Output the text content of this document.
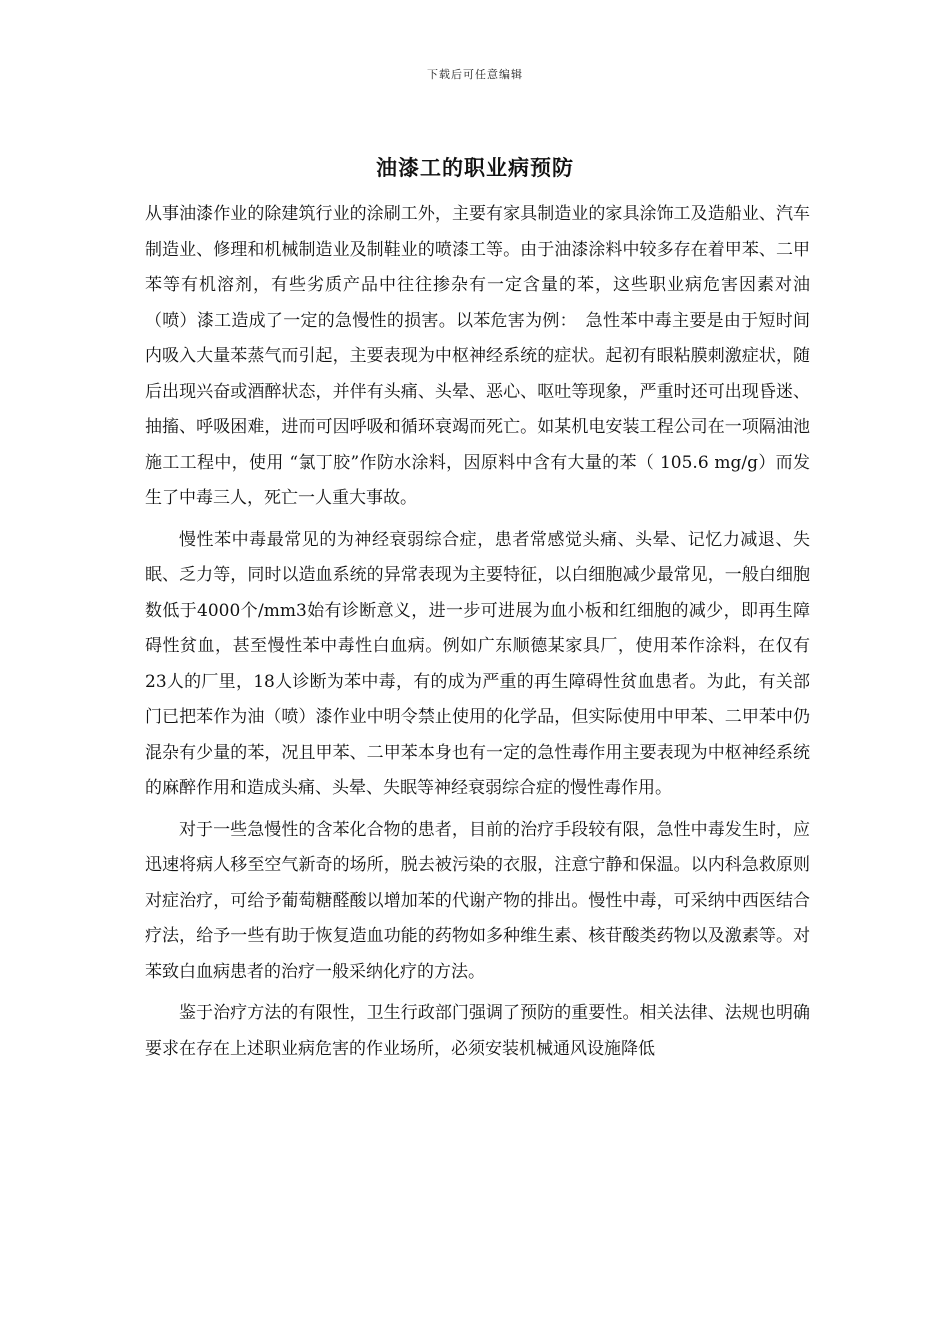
下载后可任意编辑
油漆工的职业病预防

从事油漆作业的除建筑行业的涂刷工外，主要有家具制造业的家具涂饰工及造船业、汽车制造业、修理和机械制造业及制鞋业的喷漆工等。由于油漆涂料中较多存在着甲苯、二甲苯等有机溶剂，有些劣质产品中往往掺杂有一定含量的苯，这些职业病危害因素对油（喷）漆工造成了一定的急慢性的损害。以苯危害为例：　急性苯中毒主要是由于短时间内吸入大量苯蒸气而引起，主要表现为中枢神经系统的症状。起初有眼粘膜刺激症状，随后出现兴奋或酒醉状态，并伴有头痛、头晕、恶心、呕吐等现象，严重时还可出现昏迷、抽搐、呼吸困难，进而可因呼吸和循环衰竭而死亡。如某机电安装工程公司在一项隔油池施工工程中，使用 “氯丁胶”作防水涂料，因原料中含有大量的苯（ 105.6 mg/g）而发生了中毒三人，死亡一人重大事故。

慢性苯中毒最常见的为神经衰弱综合症，患者常感觉头痛、头晕、记忆力减退、失眠、乏力等，同时以造血系统的异常表现为主要特征，以白细胞减少最常见，一般白细胞数低于4000个/mm3始有诊断意义，进一步可进展为血小板和红细胞的减少，即再生障碍性贫血，甚至慢性苯中毒性白血病。例如广东顺德某家具厂，使用苯作涂料，在仅有23人的厂里，18人诊断为苯中毒，有的成为严重的再生障碍性贫血患者。为此，有关部门已把苯作为油（喷）漆作业中明令禁止使用的化学品，但实际使用中甲苯、二甲苯中仍混杂有少量的苯，况且甲苯、二甲苯本身也有一定的急性毒作用主要表现为中枢神经系统的麻醉作用和造成头痛、头晕、失眠等神经衰弱综合症的慢性毒作用。

对于一些急慢性的含苯化合物的患者，目前的治疗手段较有限，急性中毒发生时，应迅速将病人移至空气新奇的场所，脱去被污染的衣服，注意宁静和保温。以内科急救原则对症治疗，可给予葡萄糖醛酸以增加苯的代谢产物的排出。慢性中毒，可采纳中西医结合疗法，给予一些有助于恢复造血功能的药物如多种维生素、核苷酸类药物以及激素等。对苯致白血病患者的治疗一般采纳化疗的方法。

鉴于治疗方法的有限性，卫生行政部门强调了预防的重要性。相关法律、法规也明确要求在存在上述职业病危害的作业场所，必须安装机械通风设施降低
